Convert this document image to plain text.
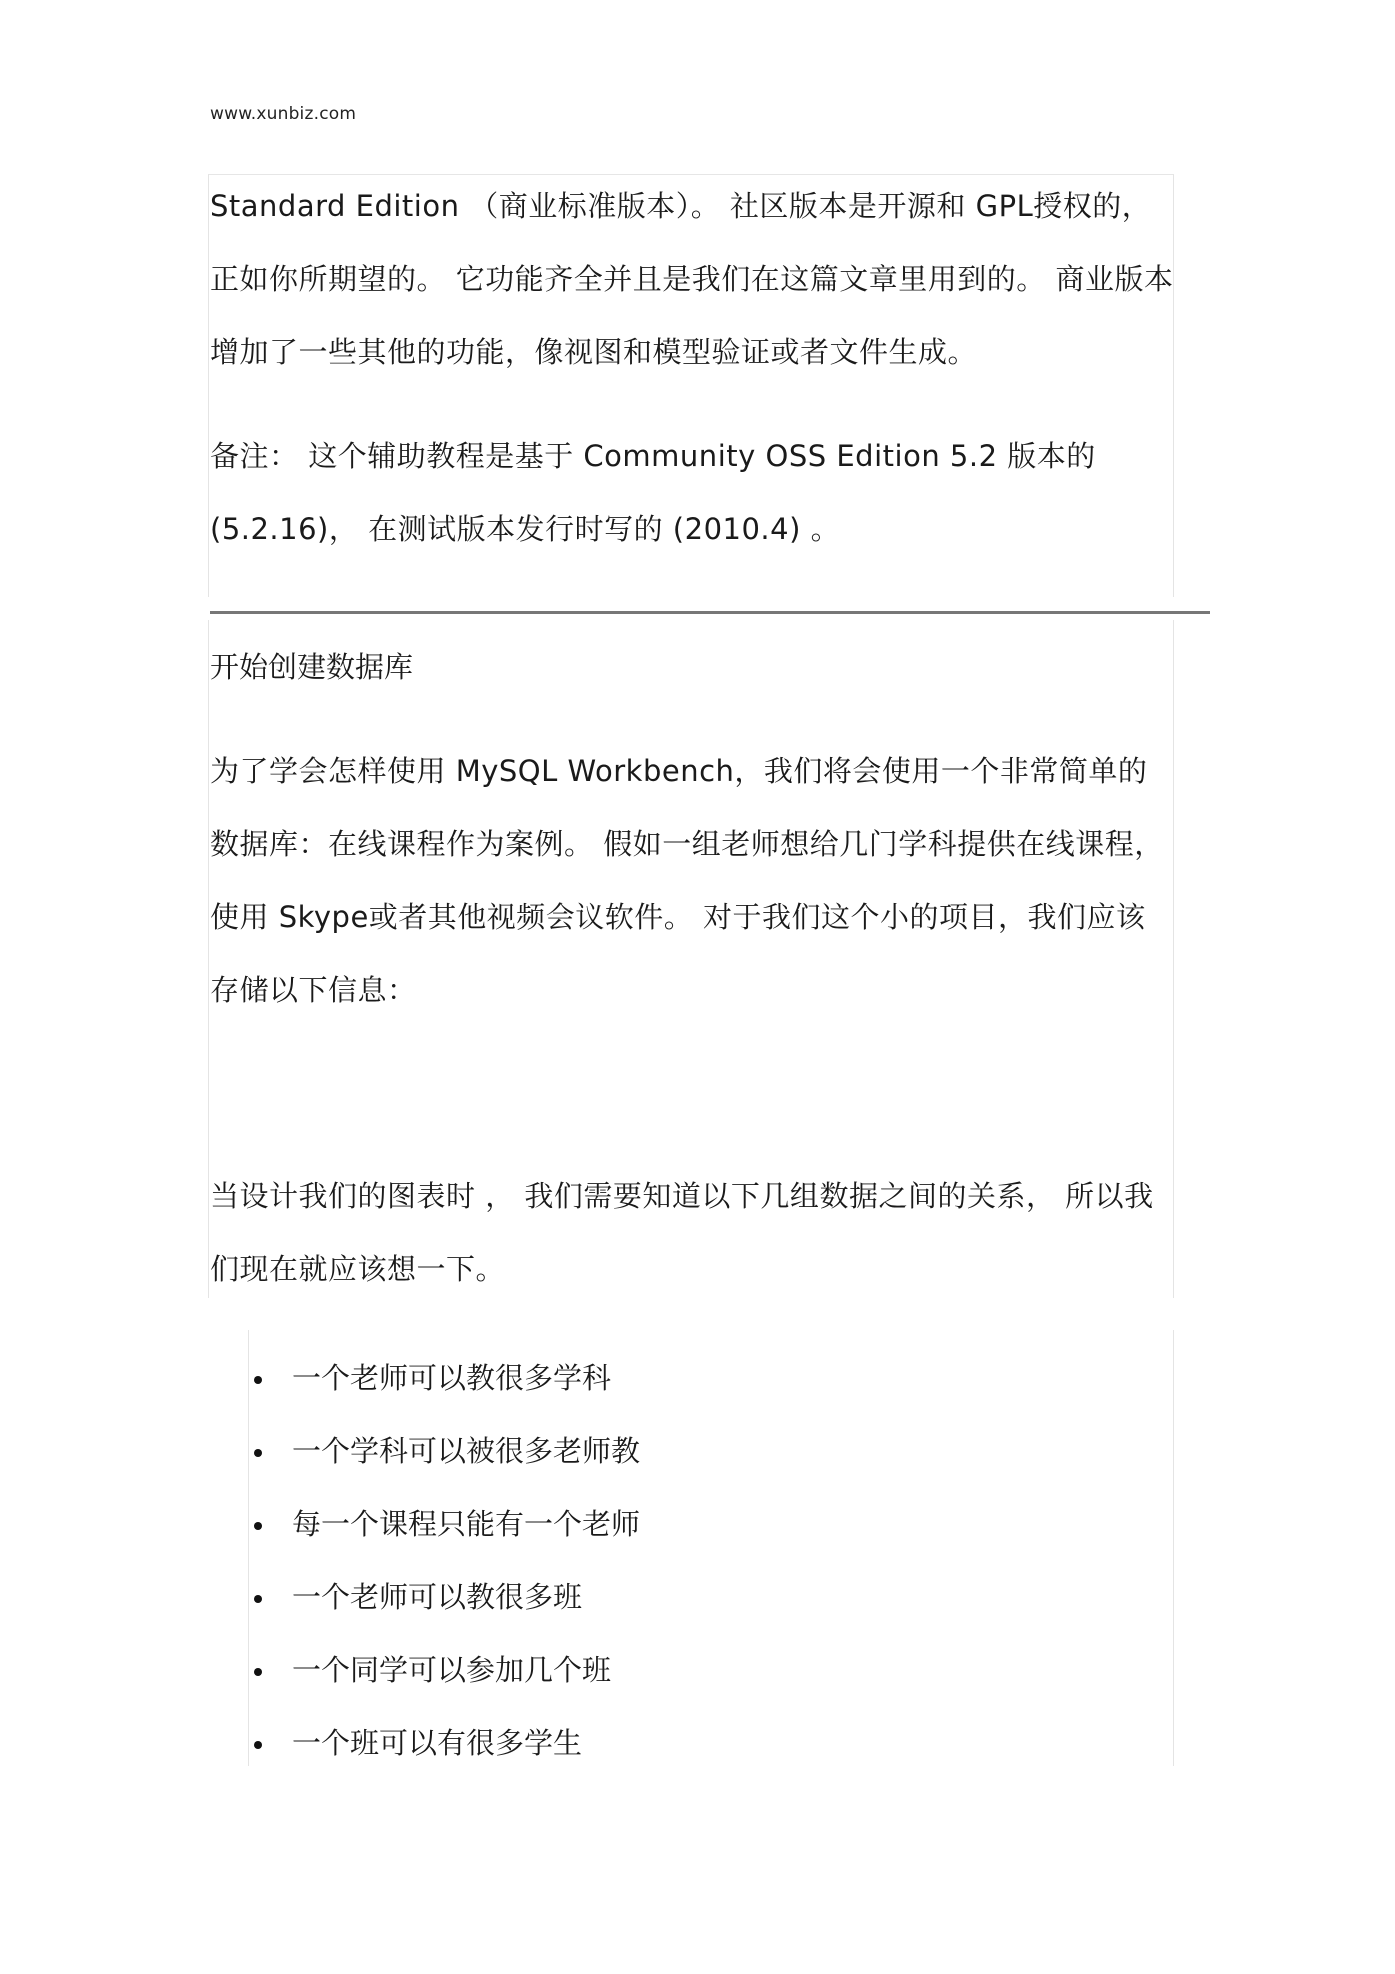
www.xunbiz.com

Standard Edition （商业标准版本）。 社区版本是开源和 GPL授权的，正如你所期望的。 它功能齐全并且是我们在这篇文章里用到的。 商业版本增加了一些其他的功能，像视图和模型验证或者文件生成。

备注： 这个辅助教程是基于 Community OSS Edition 5.2 版本的 (5.2.16)， 在测试版本发行时写的 (2010.4) 。

开始创建数据库

为了学会怎样使用 MySQL Workbench，我们将会使用一个非常简单的数据库：在线课程作为案例。 假如一组老师想给几门学科提供在线课程，使用 Skype或者其他视频会议软件。 对于我们这个小的项目，我们应该存储以下信息：

当设计我们的图表时 ， 我们需要知道以下几组数据之间的关系， 所以我们现在就应该想一下。

一个老师可以教很多学科
一个学科可以被很多老师教
每一个课程只能有一个老师
一个老师可以教很多班
一个同学可以参加几个班
一个班可以有很多学生
